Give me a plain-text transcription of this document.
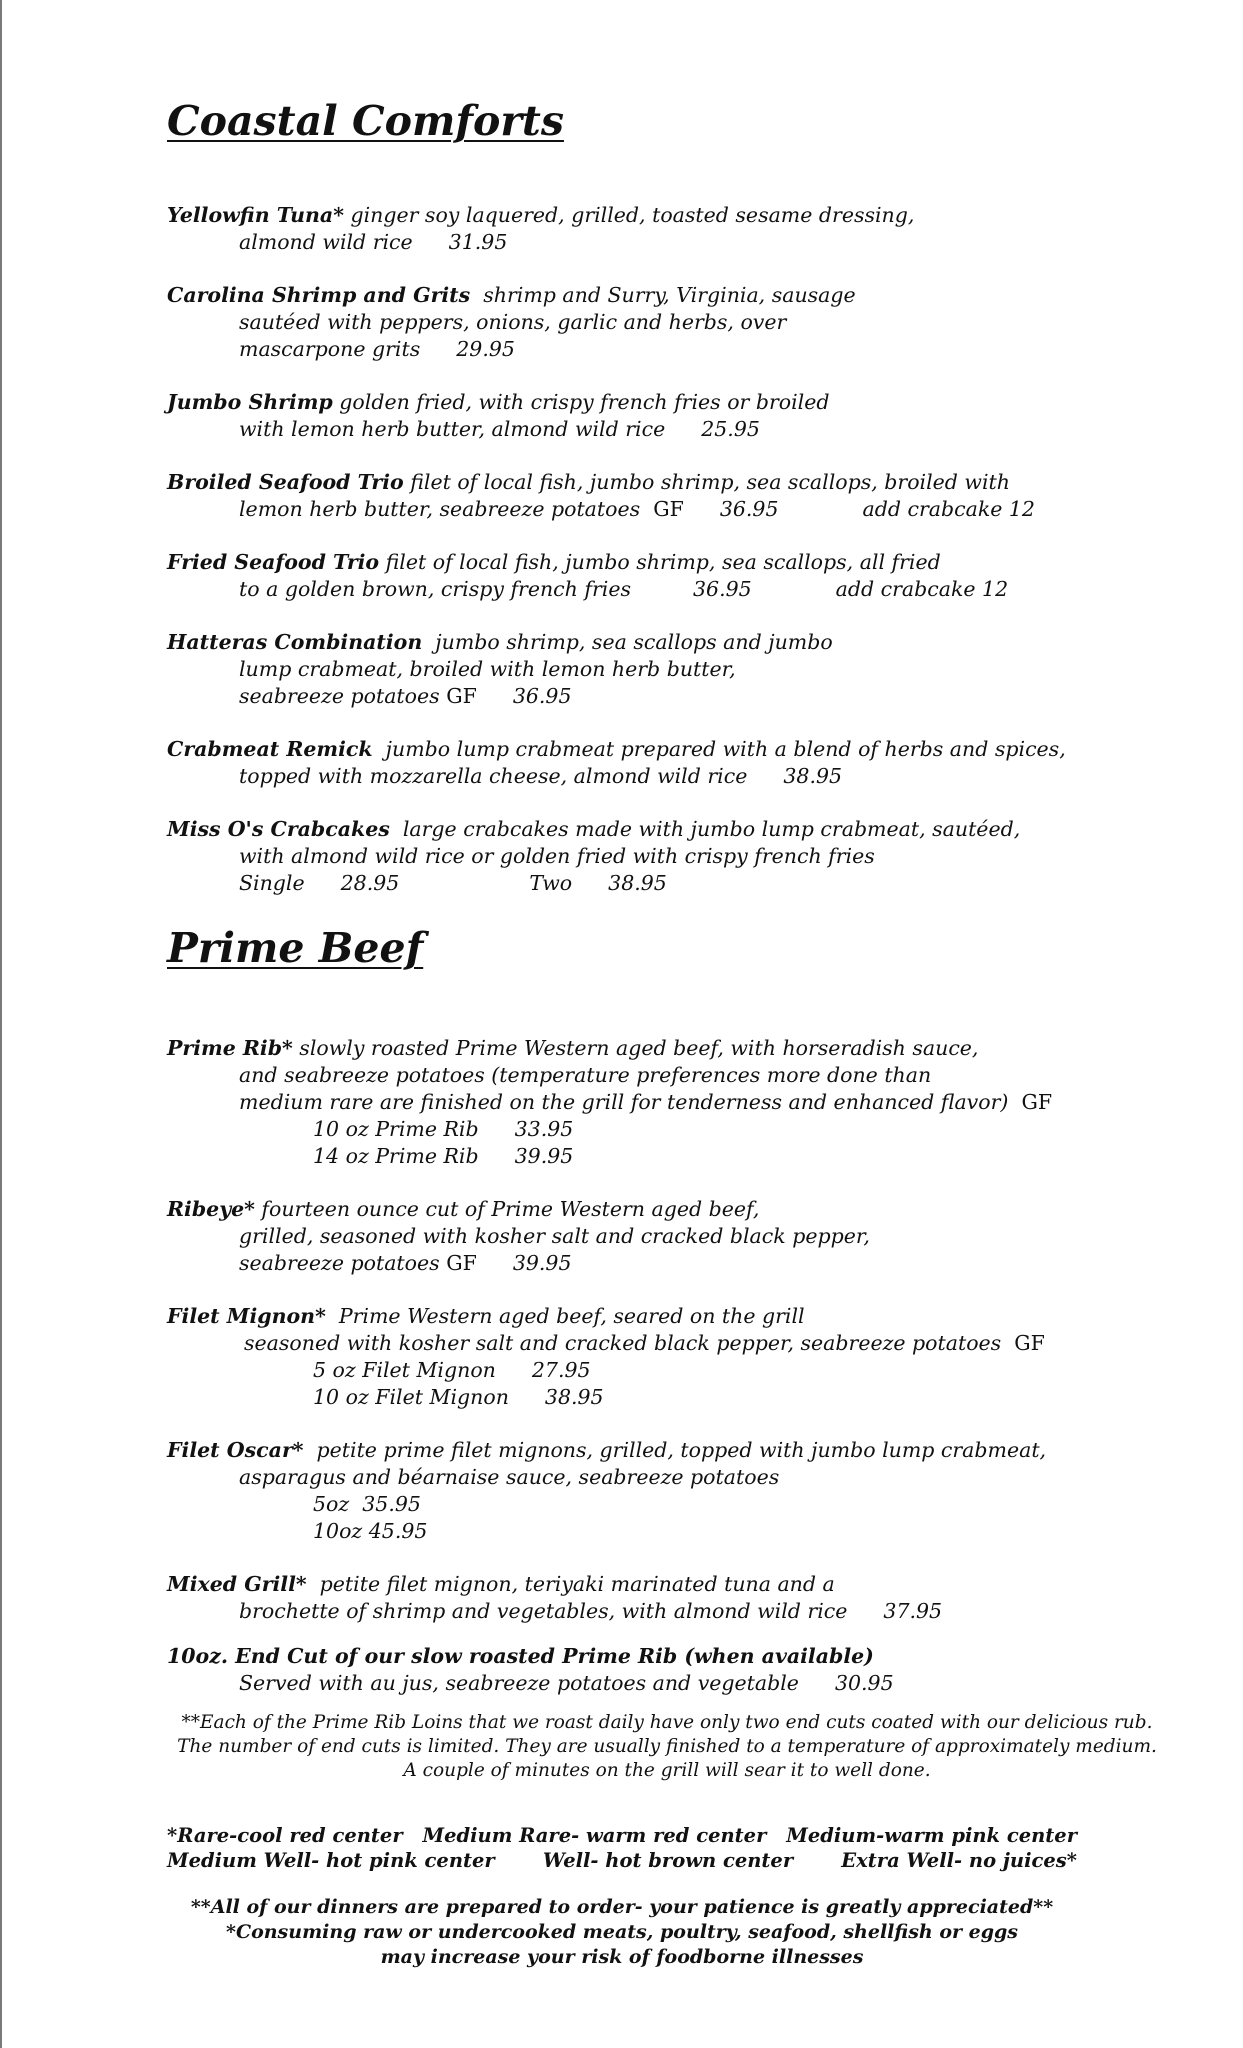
Coastal Comforts
Yellowfin Tuna* ginger soy laquered, grilled, toasted sesame dressing,
almond wild rice 31.95
Carolina Shrimp and Grits shrimp and Surry, Virginia, sausage
sautéed with peppers, onions, garlic and herbs, over
mascarpone grits 29.95
Jumbo Shrimp golden fried, with crispy french fries or broiled
with lemon herb butter, almond wild rice 25.95
Broiled Seafood Trio filet of local fish, jumbo shrimp, sea scallops, broiled with
lemon herb butter, seabreeze potatoes GF 36.95	add crabcake 12
Fried Seafood Trio filet of local fish, jumbo shrimp, sea scallops, all fried
to a golden brown, crispy french fries	36.95	add crabcake 12
Hatteras Combination jumbo shrimp, sea scallops and jumbo
lump crabmeat, broiled with lemon herb butter,
seabreeze potatoes GF 36.95
Crabmeat Remick jumbo lump crabmeat prepared with a blend of herbs and spices,
topped with mozzarella cheese, almond wild rice 38.95
Miss O's Crabcakes large crabcakes made with jumbo lump crabmeat, sautéed,
with almond wild rice or golden fried with crispy french fries
Single 28.95	Two 38.95
Prime Beef
Prime Rib* slowly roasted Prime Western aged beef, with horseradish sauce,
and seabreeze potatoes (temperature preferences more done than
medium rare are finished on the grill for tenderness and enhanced flavor) GF
10 oz Prime Rib 33.95
14 oz Prime Rib 39.95
Ribeye* fourteen ounce cut of Prime Western aged beef,
grilled, seasoned with kosher salt and cracked black pepper,
seabreeze potatoes GF 39.95
Filet Mignon* Prime Western aged beef, seared on the grill
seasoned with kosher salt and cracked black pepper, seabreeze potatoes GF
5 oz Filet Mignon 27.95
10 oz Filet Mignon 38.95
Filet Oscar* petite prime filet mignons, grilled, topped with jumbo lump crabmeat,
asparagus and béarnaise sauce, seabreeze potatoes
5oz 35.95
10oz 45.95
Mixed Grill* petite filet mignon, teriyaki marinated tuna and a
brochette of shrimp and vegetables, with almond wild rice 37.95
10oz. End Cut of our slow roasted Prime Rib (when available)
Served with au jus, seabreeze potatoes and vegetable 30.95
**Each of the Prime Rib Loins that we roast daily have only two end cuts coated with our delicious rub.
The number of end cuts is limited. They are usually finished to a temperature of approximately medium.
A couple of minutes on the grill will sear it to well done.
*Rare-cool red center Medium Rare- warm red center Medium-warm pink center
Medium Well- hot pink center Well- hot brown center Extra Well- no juices*
**All of our dinners are prepared to order- your patience is greatly appreciated**
*Consuming raw or undercooked meats, poultry, seafood, shellfish or eggs
may increase your risk of foodborne illnesses
